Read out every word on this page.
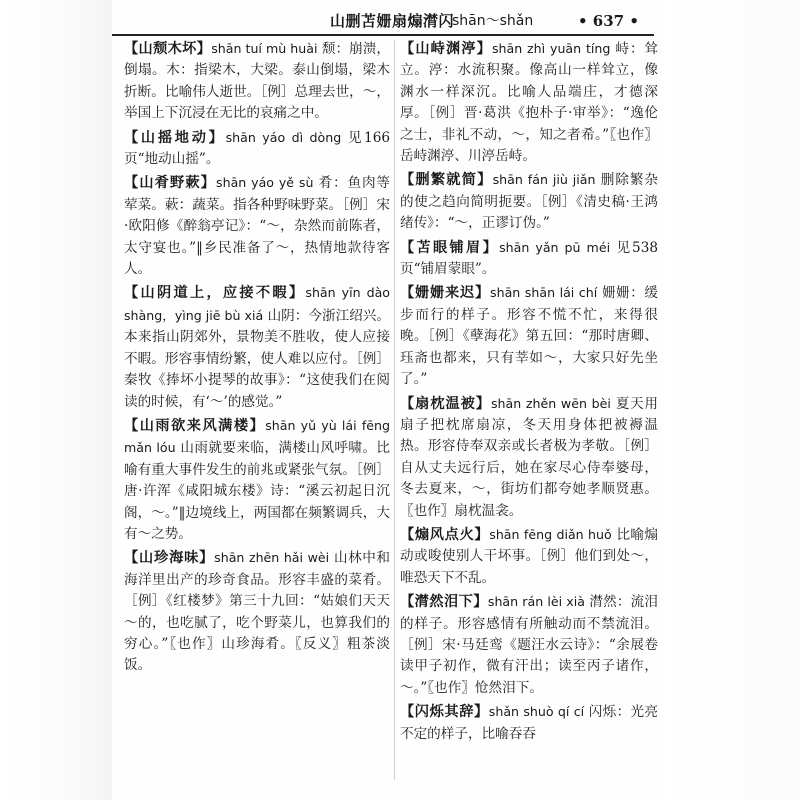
山删苫姗扇煽潸闪
shān～shǎn	• 637 •
【山颓木坏】shān tuí mù huài 颓：崩溃，倒塌。木：指梁木，大梁。泰山倒塌，梁木折断。比喻伟人逝世。［例］总理去世，～，举国上下沉浸在无比的哀痛之中。
【山摇地动】shān yáo dì dòng 见166页“地动山摇”。
【山肴野蔌】shān yáo yě sù 肴：鱼肉等荤菜。蔌：蔬菜。指各种野味野菜。［例］宋·欧阳修《醉翁亭记》：“～，杂然而前陈者，太守宴也。”‖乡民准备了～，热情地款待客人。
【山阴道上，应接不暇】shān yīn dào shàng，yìng jiē bù xiá 山阴：今浙江绍兴。本来指山阴郊外，景物美不胜收，使人应接不暇。形容事情纷繁，使人难以应付。［例］秦牧《捧坏小提琴的故事》：“这使我们在阅读的时候，有‘～’的感觉。”
【山雨欲来风满楼】shān yǔ yù lái fēng mǎn lóu 山雨就要来临，满楼山风呼啸。比喻有重大事件发生的前兆或紧张气氛。［例］唐·许浑《咸阳城东楼》诗：“溪云初起日沉阁，～。”‖边境线上，两国都在频繁调兵，大有～之势。
【山珍海味】shān zhēn hǎi wèi 山林中和海洋里出产的珍奇食品。形容丰盛的菜肴。［例］《红楼梦》第三十九回：“姑娘们天天～的，也吃腻了，吃个野菜儿，也算我们的穷心。”〖也作〗山珍海肴。〖反义〗粗茶淡饭。
【山峙渊渟】shān zhì yuān tíng 峙：耸立。渟：水流积聚。像高山一样耸立，像渊水一样深沉。比喻人品端庄，才德深厚。［例］晋·葛洪《抱朴子·审举》：“逸伦之士，非礼不动，～，知之者希。”〖也作〗岳峙渊渟、川渟岳峙。
【删繁就简】shān fán jiù jiǎn 删除繁杂的使之趋向简明扼要。［例］《清史稿·王鸿绪传》：“～，正谬订伪。”
【苫眼铺眉】shān yǎn pū méi 见538页“铺眉蒙眼”。
【姗姗来迟】shān shān lái chí 姗姗：缓步而行的样子。形容不慌不忙，来得很晚。［例］《孽海花》第五回：“那时唐卿、珏斋也都来，只有莘如～，大家只好先坐了。”
【扇枕温被】shān zhěn wēn bèi 夏天用扇子把枕席扇凉，冬天用身体把被褥温热。形容侍奉双亲或长者极为孝敬。［例］自从丈夫远行后，她在家尽心侍奉婆母，冬去夏来，～，街坊们都夸她孝顺贤惠。〖也作〗扇枕温衾。
【煽风点火】shān fēng diǎn huǒ 比喻煽动或唆使别人干坏事。［例］他们到处～，唯恐天下不乱。
【潸然泪下】shān rán lèi xià 潸然：流泪的样子。形容感情有所触动而不禁流泪。［例］宋·马廷鸾《题汪水云诗》：“余展卷读甲子初作，微有汗出；读至丙子诸作，～。”〖也作〗怆然泪下。
【闪烁其辞】shǎn shuò qí cí 闪烁：光亮不定的样子，比喻吞吞
